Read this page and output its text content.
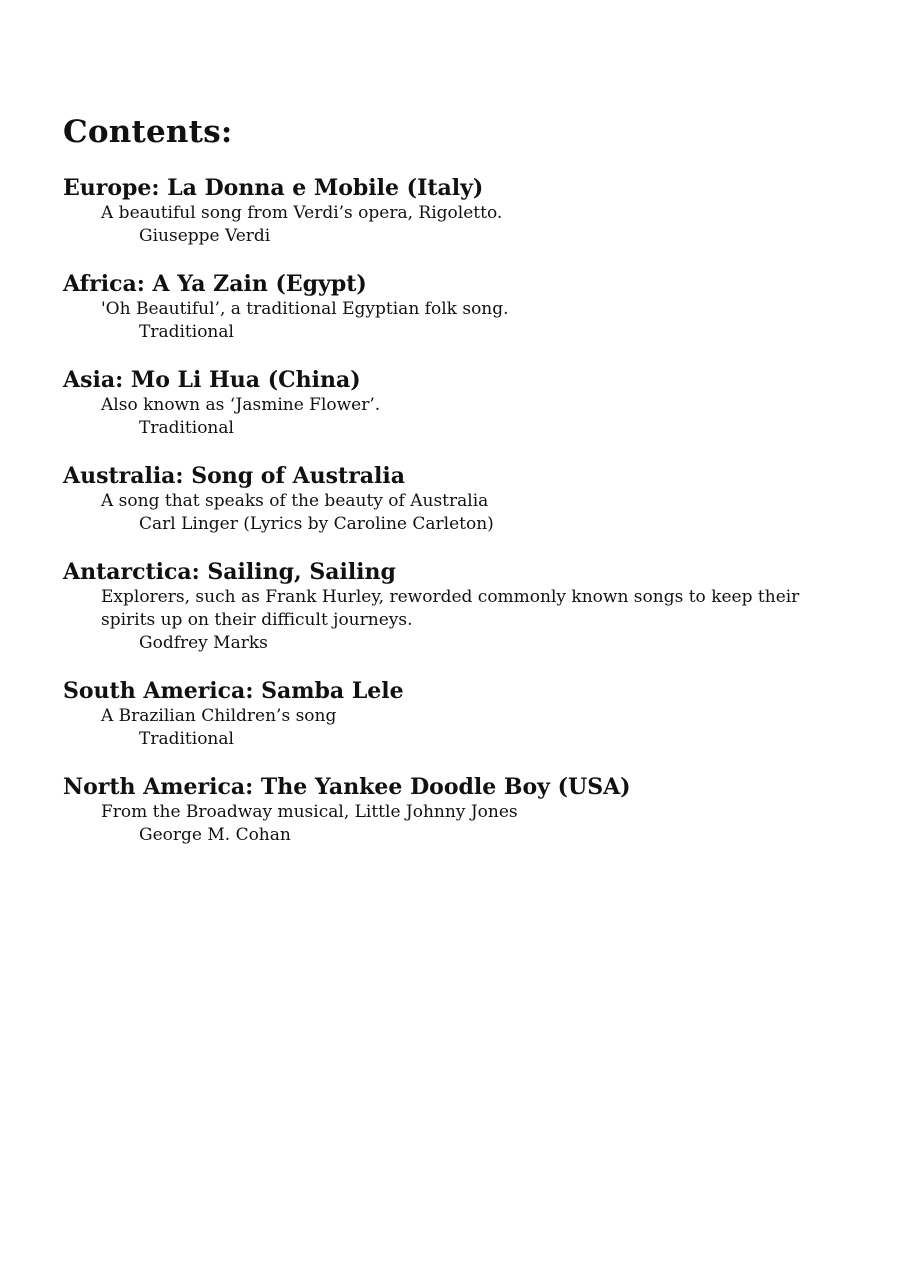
Contents:
Europe: La Donna e Mobile (Italy)
A beautiful song from Verdi’s opera, Rigoletto.
Giuseppe Verdi
Africa: A Ya Zain (Egypt)
'Oh Beautiful’, a traditional Egyptian folk song.
Traditional
Asia: Mo Li Hua (China)
Also known as ‘Jasmine Flower’.
Traditional
Australia: Song of Australia
A song that speaks of the beauty of Australia
Carl Linger (Lyrics by Caroline Carleton)
Antarctica: Sailing, Sailing
Explorers, such as Frank Hurley, reworded commonly known songs to keep their spirits up on their difficult journeys.
Godfrey Marks
South America: Samba Lele
A Brazilian Children’s song
Traditional
North America: The Yankee Doodle Boy (USA)
From the Broadway musical, Little Johnny Jones
George M. Cohan
